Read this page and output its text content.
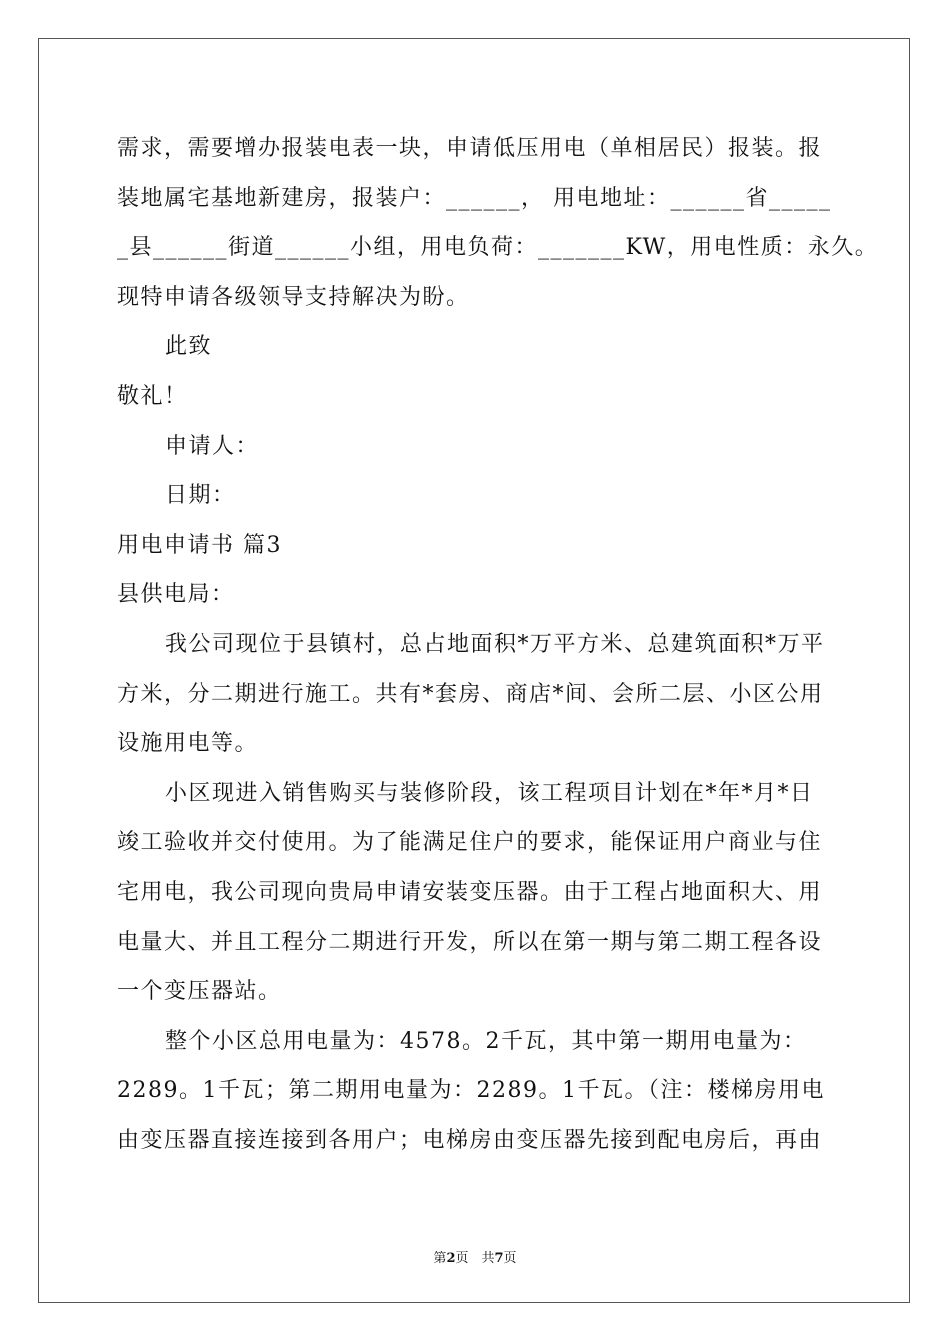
需求，需要增办报装电表一块，申请低压用电（单相居民）报装。报
装地属宅基地新建房，报装户：______， 用电地址：______省_____
_县______街道______小组，用电负荷：_______KW，用电性质：永久。
现特申请各级领导支持解决为盼。
此致
敬礼！
申请人：
日期：
用电申请书 篇3
县供电局：
我公司现位于县镇村，总占地面积*万平方米、总建筑面积*万平
方米，分二期进行施工。共有*套房、商店*间、会所二层、小区公用
设施用电等。
小区现进入销售购买与装修阶段，该工程项目计划在*年*月*日
竣工验收并交付使用。为了能满足住户的要求，能保证用户商业与住
宅用电，我公司现向贵局申请安装变压器。由于工程占地面积大、用
电量大、并且工程分二期进行开发，所以在第一期与第二期工程各设
一个变压器站。
整个小区总用电量为：4578。2千瓦，其中第一期用电量为：
2289。1千瓦；第二期用电量为：2289。1千瓦。（注：楼梯房用电
由变压器直接连接到各用户；电梯房由变压器先接到配电房后，再由
第2页　共7页
